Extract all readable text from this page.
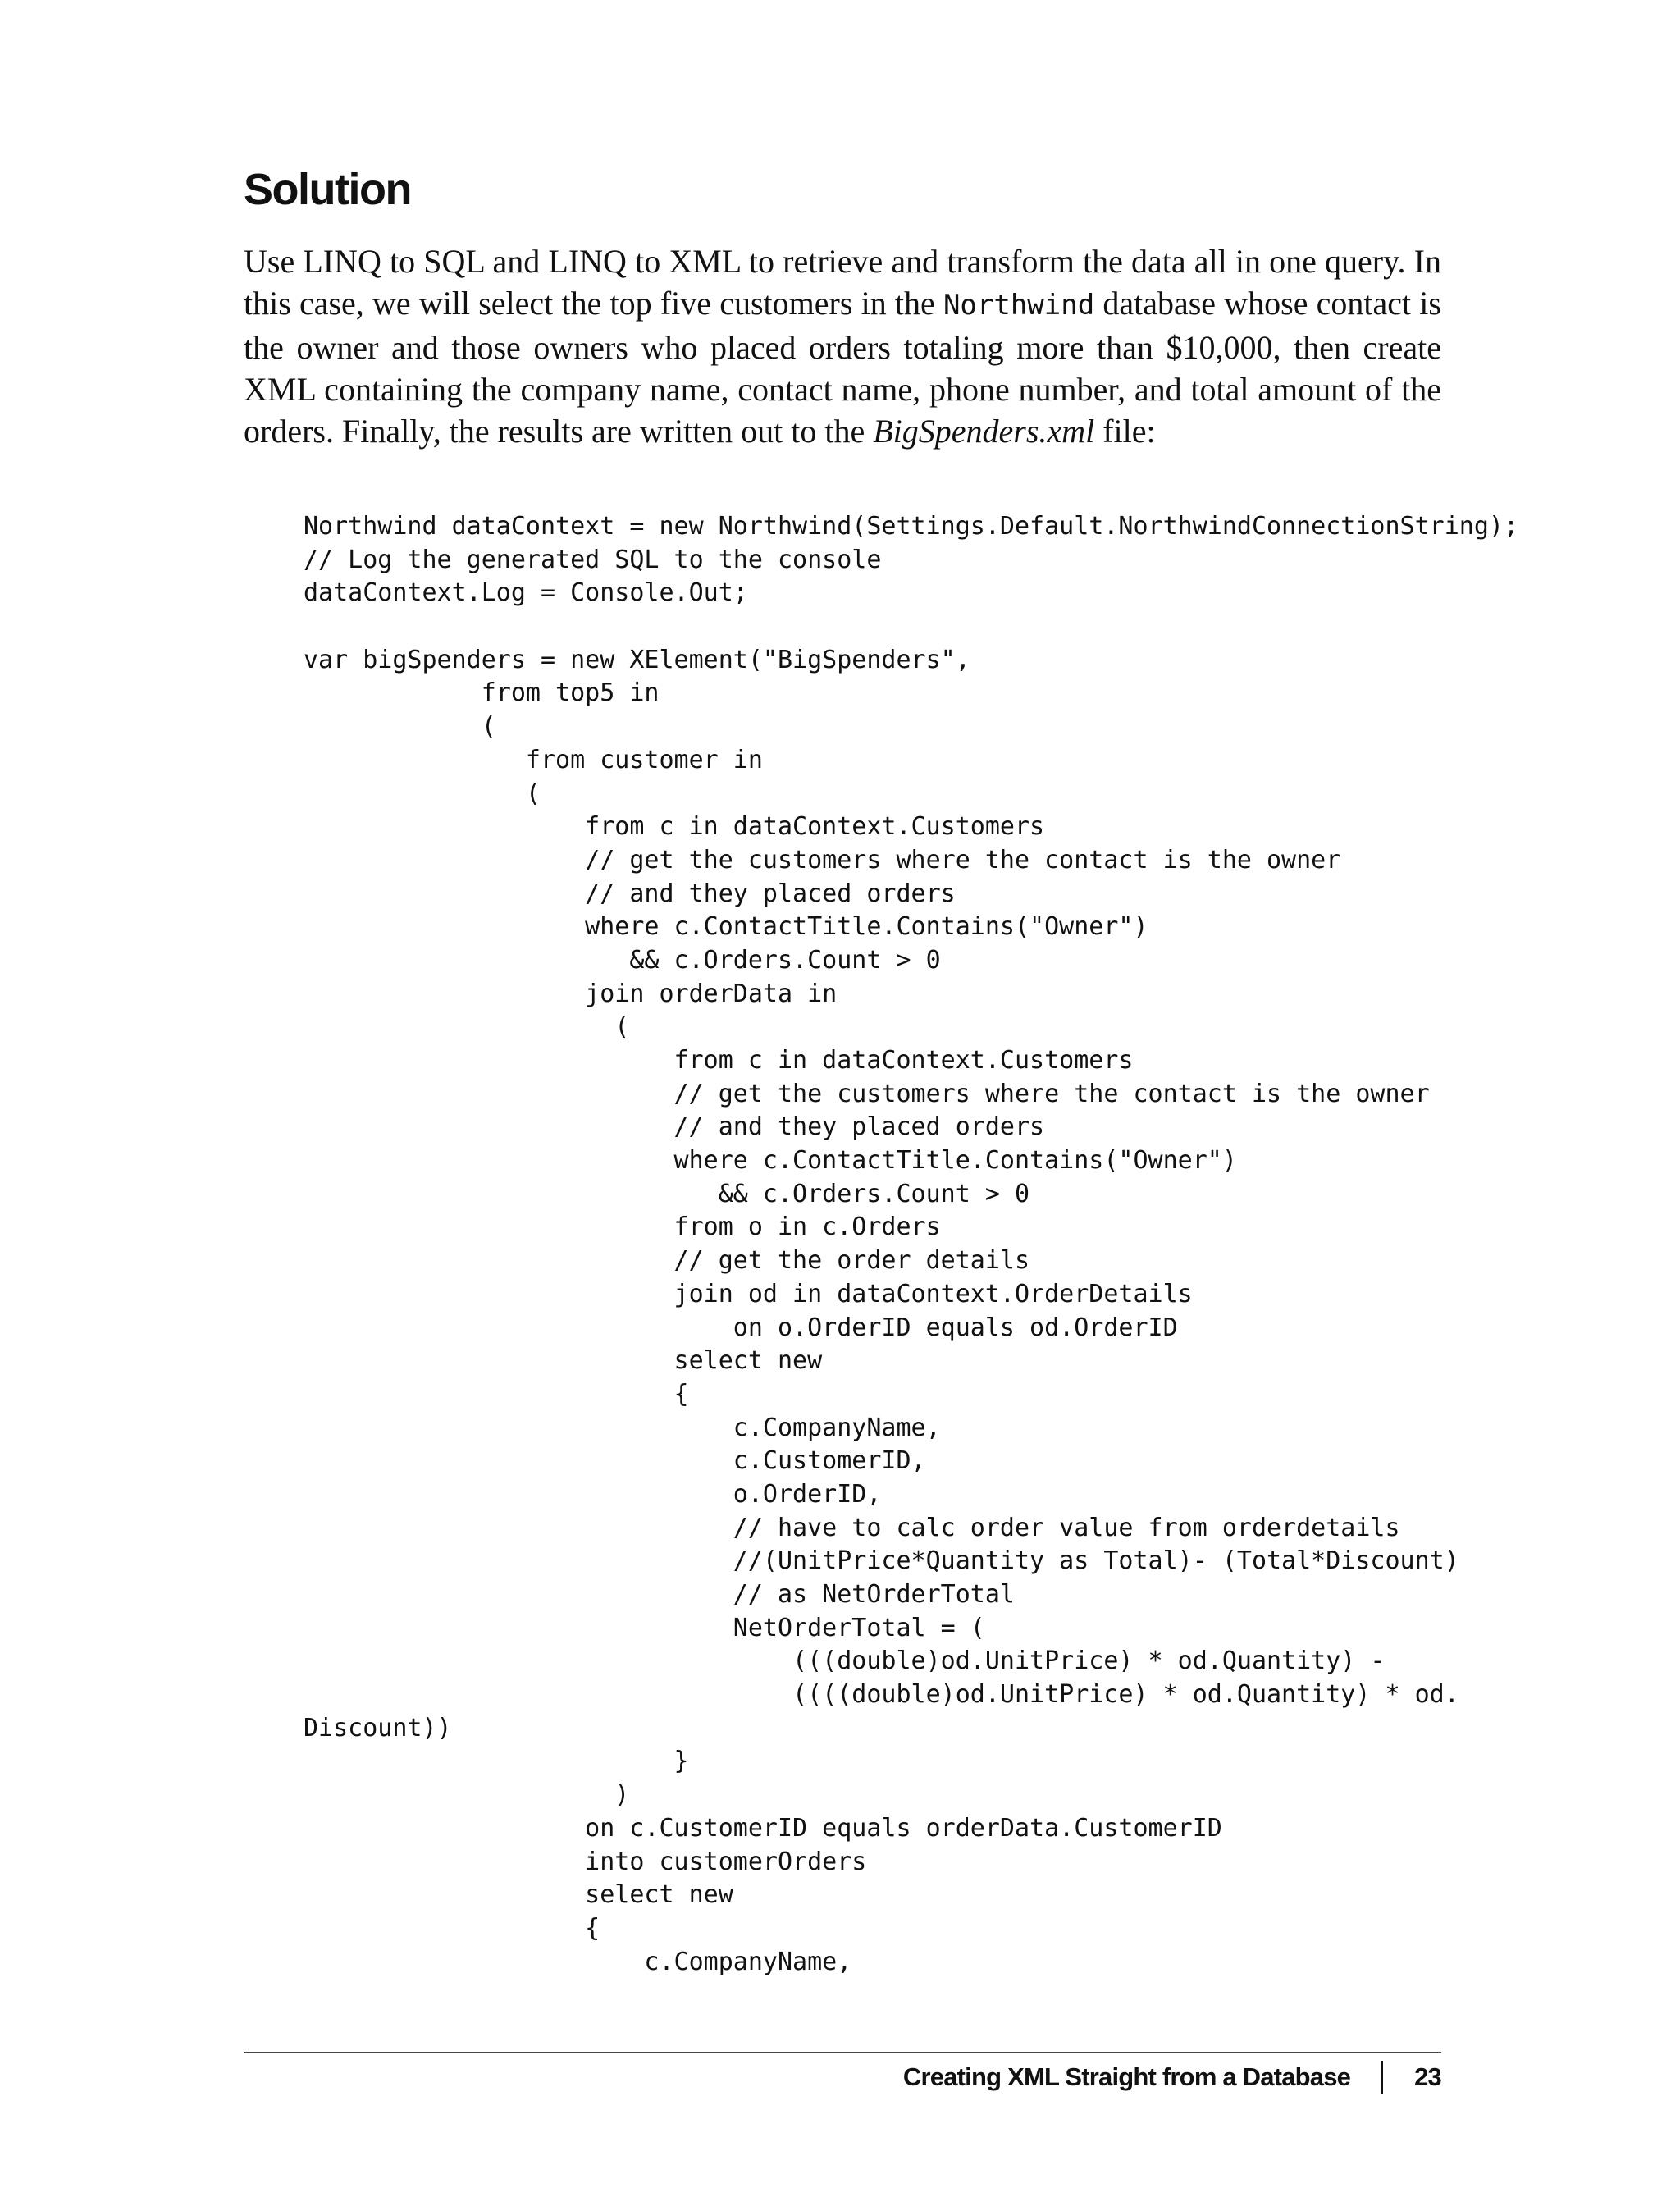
Solution

Use LINQ to SQL and LINQ to XML to retrieve and transform the data all in one query. In this case, we will select the top five customers in the Northwind database whose contact is the owner and those owners who placed orders totaling more than $10,000, then create XML containing the company name, contact name, phone number, and total amount of the orders. Finally, the results are written out to the BigSpenders.xml file:

Northwind dataContext = new Northwind(Settings.Default.NorthwindConnectionString);
// Log the generated SQL to the console
dataContext.Log = Console.Out;
var bigSpenders = new XElement("BigSpenders",
from top5 in
(
from customer in
(
from c in dataContext.Customers
// get the customers where the contact is the owner
// and they placed orders
where c.ContactTitle.Contains("Owner")
&& c.Orders.Count > 0
join orderData in
(
from c in dataContext.Customers
// get the customers where the contact is the owner
// and they placed orders
where c.ContactTitle.Contains("Owner")
&& c.Orders.Count > 0
from o in c.Orders
// get the order details
join od in dataContext.OrderDetails
on o.OrderID equals od.OrderID
select new
{
c.CompanyName,
c.CustomerID,
o.OrderID,
// have to calc order value from orderdetails
//(UnitPrice*Quantity as Total)- (Total*Discount)
// as NetOrderTotal
NetOrderTotal = (
(((double)od.UnitPrice) * od.Quantity) -
((((double)od.UnitPrice) * od.Quantity) * od.
Discount))
}
)
on c.CustomerID equals orderData.CustomerID
into customerOrders
select new
{
c.CompanyName,
Creating XML Straight from a Database	23
